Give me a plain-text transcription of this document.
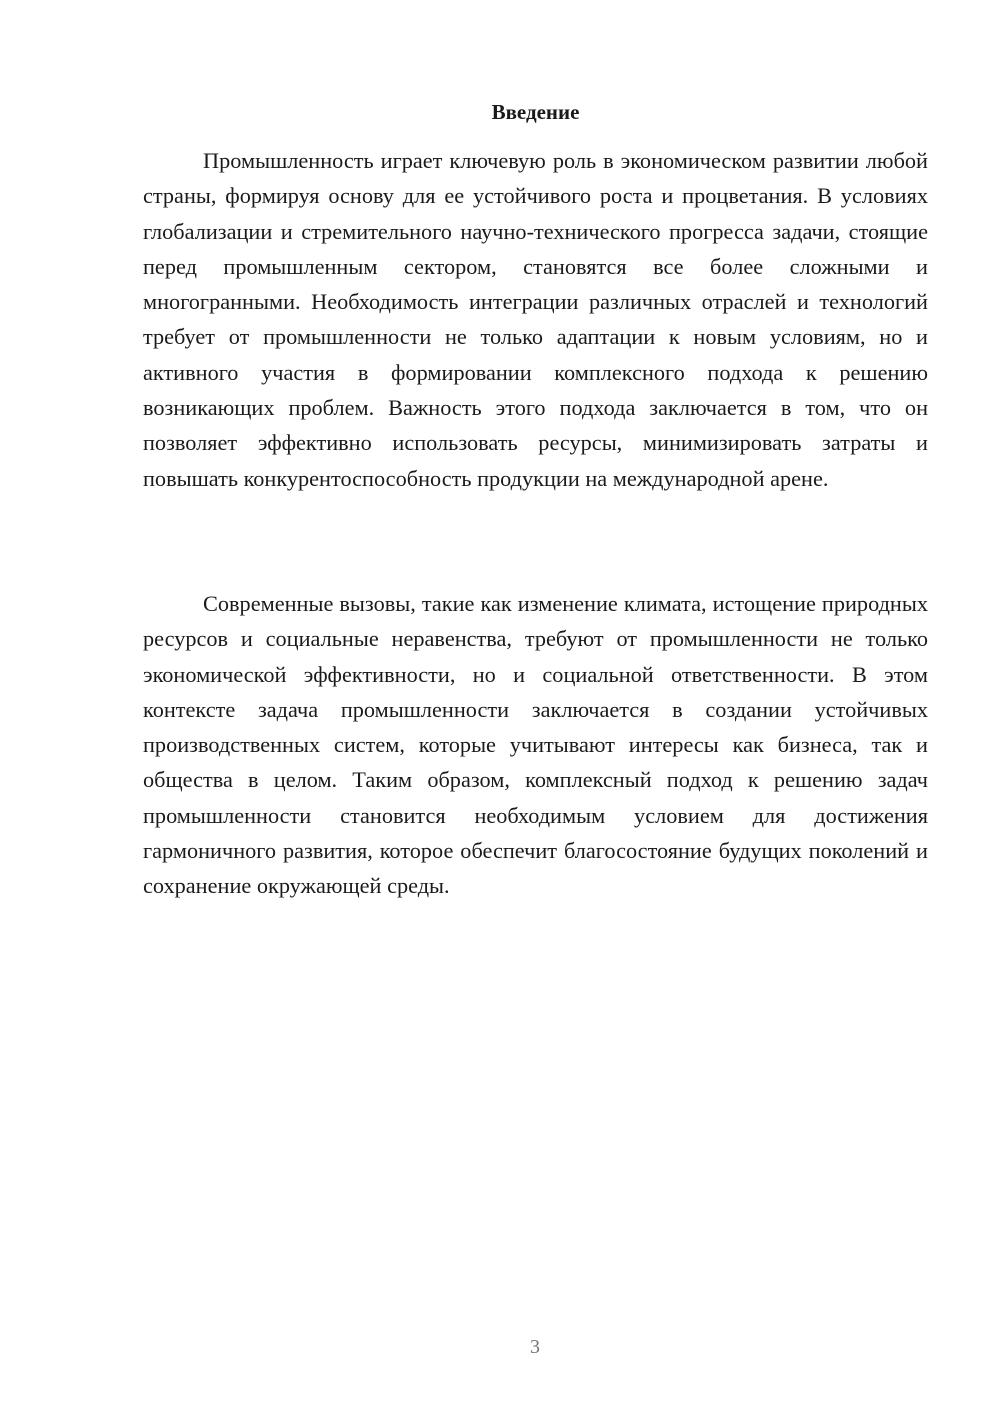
Введение

Промышленность играет ключевую роль в экономическом развитии любой страны, формируя основу для ее устойчивого роста и процветания. В условиях глобализации и стремительного научно-технического прогресса задачи, стоящие перед промышленным сектором, становятся все более сложными и многогранными. Необходимость интеграции различных отраслей и технологий требует от промышленности не только адаптации к новым условиям, но и активного участия в формировании комплексного подхода к решению возникающих проблем. Важность этого подхода заключается в том, что он позволяет эффективно использовать ресурсы, минимизировать затраты и повышать конкурентоспособность продукции на международной арене.

Современные вызовы, такие как изменение климата, истощение природных ресурсов и социальные неравенства, требуют от промышленности не только экономической эффективности, но и социальной ответственности. В этом контексте задача промышленности заключается в создании устойчивых производственных систем, которые учитывают интересы как бизнеса, так и общества в целом. Таким образом, комплексный подход к решению задач промышленности становится необходимым условием для достижения гармоничного развития, которое обеспечит благосостояние будущих поколений и сохранение окружающей среды.

3
